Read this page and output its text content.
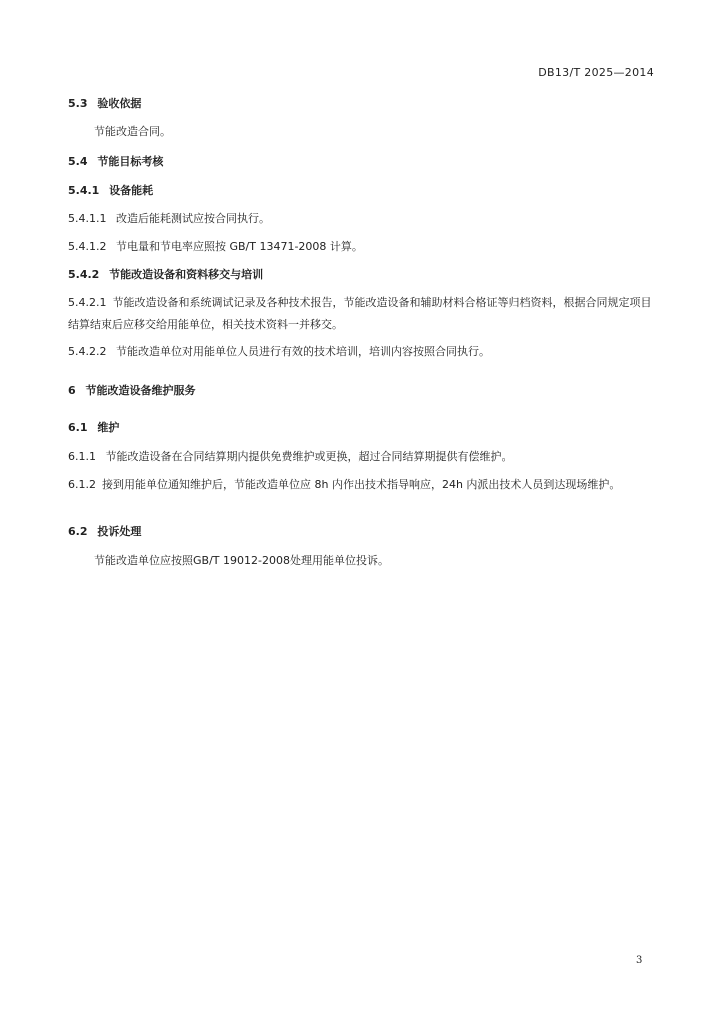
DB13/T 2025—2014
5.3 验收依据
节能改造合同。
5.4 节能目标考核
5.4.1 设备能耗
5.4.1.1 改造后能耗测试应按合同执行。
5.4.1.2 节电量和节电率应照按 GB/T 13471-2008 计算。
5.4.2 节能改造设备和资料移交与培训
5.4.2.1 节能改造设备和系统调试记录及各种技术报告，节能改造设备和辅助材料合格证等归档资料，根据合同规定项目结算结束后应移交给用能单位，相关技术资料一并移交。
5.4.2.2 节能改造单位对用能单位人员进行有效的技术培训，培训内容按照合同执行。
6 节能改造设备维护服务
6.1 维护
6.1.1 节能改造设备在合同结算期内提供免费维护或更换，超过合同结算期提供有偿维护。
6.1.2 接到用能单位通知维护后，节能改造单位应 8h 内作出技术指导响应，24h 内派出技术人员到达现场维护。
6.2 投诉处理
节能改造单位应按照GB/T 19012-2008处理用能单位投诉。
3
